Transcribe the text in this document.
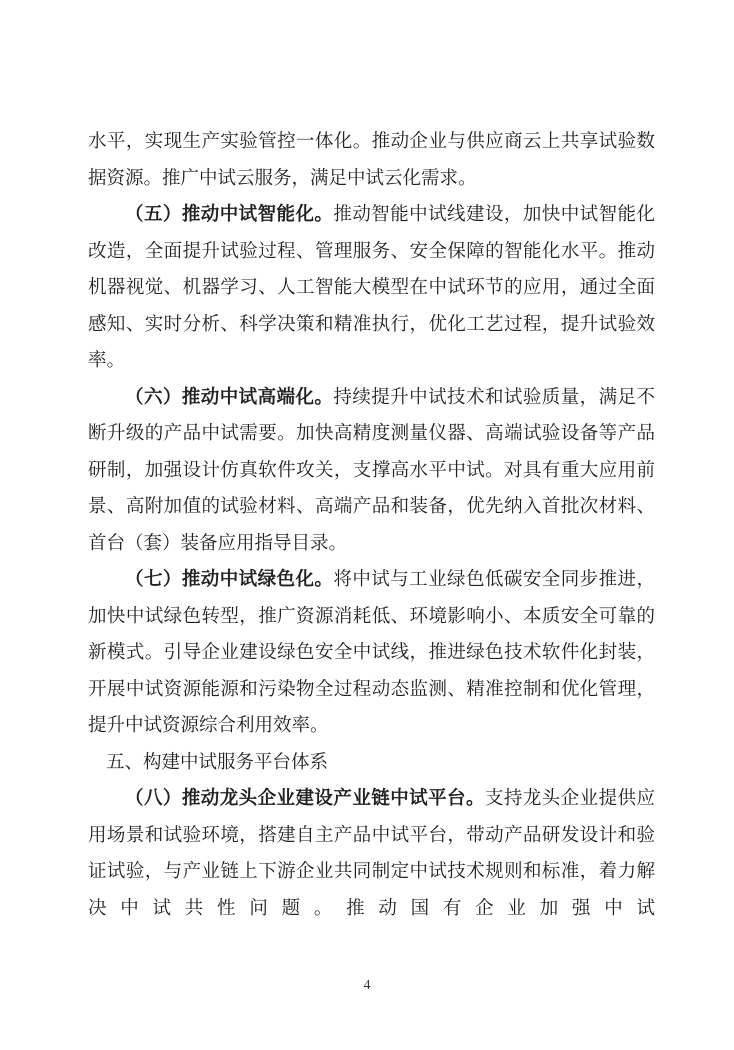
水平，实现生产实验管控一体化。推动企业与供应商云上共享试验数据资源。推广中试云服务，满足中试云化需求。

（五）推动中试智能化。推动智能中试线建设，加快中试智能化改造，全面提升试验过程、管理服务、安全保障的智能化水平。推动机器视觉、机器学习、人工智能大模型在中试环节的应用，通过全面感知、实时分析、科学决策和精准执行，优化工艺过程，提升试验效率。

（六）推动中试高端化。持续提升中试技术和试验质量，满足不断升级的产品中试需要。加快高精度测量仪器、高端试验设备等产品研制，加强设计仿真软件攻关，支撑高水平中试。对具有重大应用前景、高附加值的试验材料、高端产品和装备，优先纳入首批次材料、首台（套）装备应用指导目录。

（七）推动中试绿色化。将中试与工业绿色低碳安全同步推进，加快中试绿色转型，推广资源消耗低、环境影响小、本质安全可靠的新模式。引导企业建设绿色安全中试线，推进绿色技术软件化封装，开展中试资源能源和污染物全过程动态监测、精准控制和优化管理，提升中试资源综合利用效率。

五、构建中试服务平台体系

（八）推动龙头企业建设产业链中试平台。支持龙头企业提供应用场景和试验环境，搭建自主产品中试平台，带动产品研发设计和验证试验，与产业链上下游企业共同制定中试技术规则和标准，着力解决中试共性问题。推动国有企业加强中试

4
